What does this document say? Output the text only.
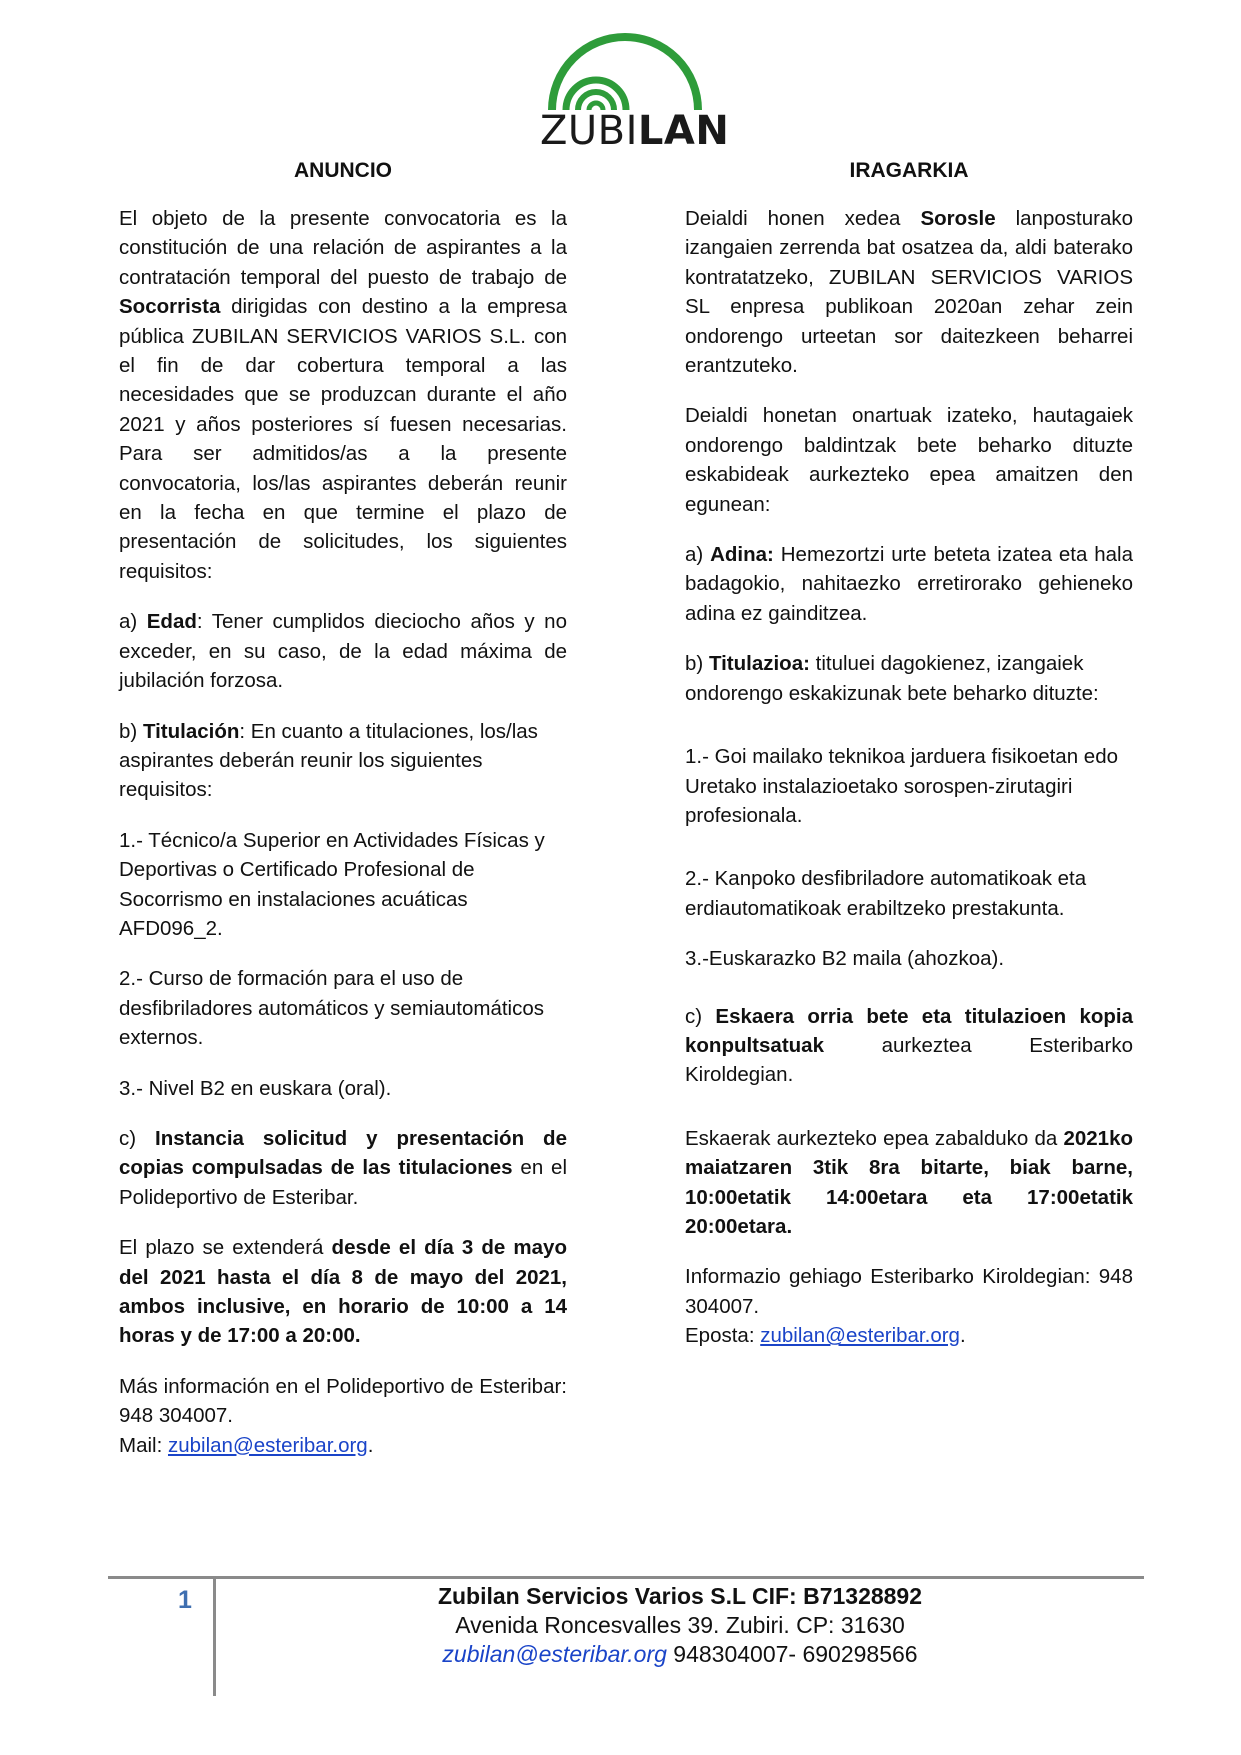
ZUBILAN
ANUNCIO

El objeto de la presente convocatoria es la constitución de una relación de aspirantes a la contratación temporal del puesto de trabajo de Socorrista dirigidas con destino a la empresa pública ZUBILAN SERVICIOS VARIOS S.L. con el fin de dar cobertura temporal a las necesidades que se produzcan durante el año 2021 y años posteriores sí fuesen necesarias. Para ser admitidos/as a la presente convocatoria, los/las aspirantes deberán reunir en la fecha en que termine el plazo de presentación de solicitudes, los siguientes requisitos:

a) Edad: Tener cumplidos dieciocho años y no exceder, en su caso, de la edad máxima de jubilación forzosa.

b) Titulación: En cuanto a titulaciones, los/las aspirantes deberán reunir los siguientes requisitos:

1.- Técnico/a Superior en Actividades Físicas y Deportivas o Certificado Profesional de Socorrismo en instalaciones acuáticas AFD096_2.

2.- Curso de formación para el uso de desfibriladores automáticos y semiautomáticos externos.

3.- Nivel B2 en euskara (oral).

c) Instancia solicitud y presentación de copias compulsadas de las titulaciones en el Polideportivo de Esteribar.

El plazo se extenderá desde el día 3 de mayo del 2021 hasta el día 8 de mayo del 2021, ambos inclusive, en horario de 10:00 a 14 horas y de 17:00 a 20:00.

Más información en el Polideportivo de Esteribar: 948 304007.
Mail: zubilan@esteribar.org.

IRAGARKIA

Deialdi honen xedea Sorosle lanposturako izangaien zerrenda bat osatzea da, aldi baterako kontratatzeko, ZUBILAN SERVICIOS VARIOS SL enpresa publikoan 2020an zehar zein ondorengo urteetan sor daitezkeen beharrei erantzuteko.

Deialdi honetan onartuak izateko, hautagaiek ondorengo baldintzak bete beharko dituzte eskabideak aurkezteko epea amaitzen den egunean:

a) Adina: Hemezortzi urte beteta izatea eta hala badagokio, nahitaezko erretirorako gehieneko adina ez gainditzea.

b) Titulazioa: tituluei dagokienez, izangaiek ondorengo eskakizunak bete beharko dituzte:

1.- Goi mailako teknikoa jarduera fisikoetan edo Uretako instalazioetako sorospen-zirutagiri profesionala.

2.- Kanpoko desfibriladore automatikoak eta erdiautomatikoak erabiltzeko prestakunta.

3.-Euskarazko B2 maila (ahozkoa).

c) Eskaera orria bete eta titulazioen kopia konpultsatuak aurkeztea Esteribarko Kiroldegian.

Eskaerak aurkezteko epea zabalduko da 2021ko maiatzaren 3tik 8ra bitarte, biak barne, 10:00etatik 14:00etara eta 17:00etatik 20:00etara.

Informazio gehiago Esteribarko Kiroldegian: 948 304007.
Eposta: zubilan@esteribar.org.

1	Zubilan Servicios Varios S.L CIF: B71328892
Avenida Roncesvalles 39. Zubiri. CP: 31630
zubilan@esteribar.org 948304007- 690298566
